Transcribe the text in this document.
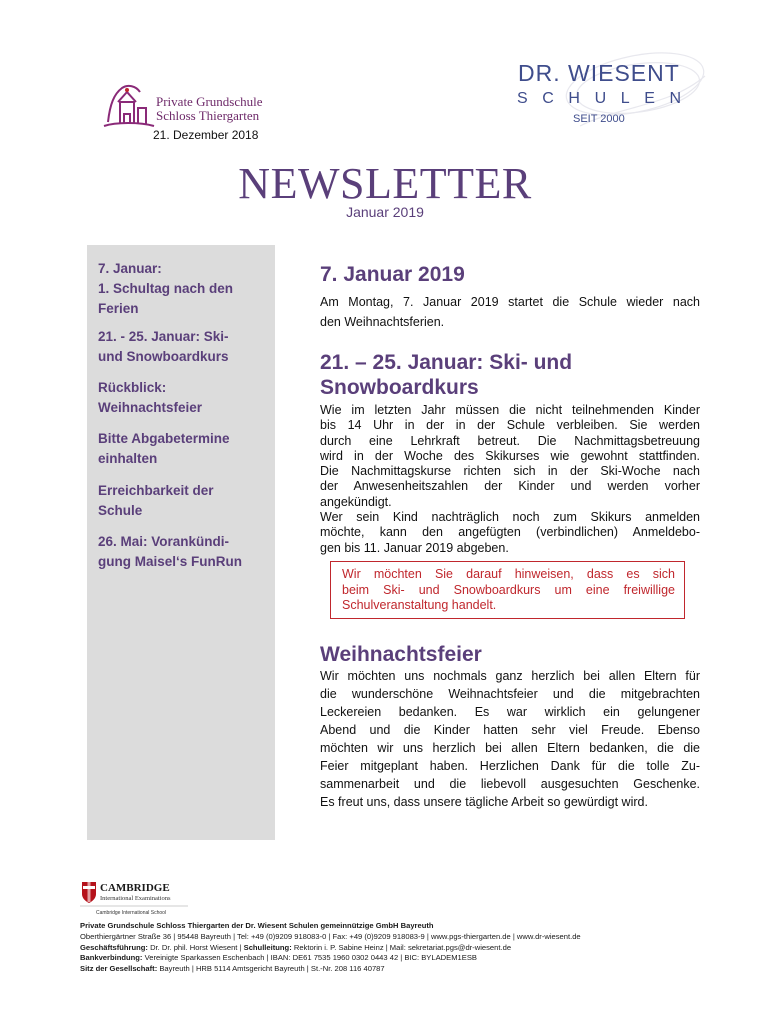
Private Grundschule
Schloss Thiergarten
21. Dezember 2018
DR. WIESENT
SCHULEN
SEIT 2000
NEWSLETTER
Januar 2019
7. Januar:
1. Schultag nach den
Ferien
21. - 25. Januar: Ski-
und Snowboardkurs
Rückblick:
Weihnachtsfeier
Bitte Abgabetermine
einhalten
Erreichbarkeit der
Schule
26. Mai: Vorankündi-
gung Maisel‘s FunRun
7. Januar 2019
Am Montag, 7. Januar 2019 startet die Schule wieder nach
den Weihnachtsferien.
21. – 25. Januar: Ski- und
Snowboardkurs
Wie im letzten Jahr müssen die nicht teilnehmenden Kinder
bis 14 Uhr in der in der Schule verbleiben. Sie werden
durch eine Lehrkraft betreut. Die Nachmittagsbetreuung
wird in der Woche des Skikurses wie gewohnt stattfinden.
Die Nachmittagskurse richten sich in der Ski-Woche nach
der Anwesenheitszahlen der Kinder und werden vorher
angekündigt.
Wer sein Kind nachträglich noch zum Skikurs anmelden
möchte, kann den angefügten (verbindlichen) Anmeldebo-
gen bis 11. Januar 2019 abgeben.
Wir möchten Sie darauf hinweisen, dass es sich
beim Ski- und Snowboardkurs um eine freiwillige
Schulveranstaltung handelt.
Weihnachtsfeier
Wir möchten uns nochmals ganz herzlich bei allen Eltern für
die wunderschöne Weihnachtsfeier und die mitgebrachten
Leckereien bedanken. Es war wirklich ein gelungener
Abend und die Kinder hatten sehr viel Freude. Ebenso
möchten wir uns herzlich bei allen Eltern bedanken, die die
Feier mitgeplant haben. Herzlichen Dank für die tolle Zu-
sammenarbeit und die liebevoll ausgesuchten Geschenke.
Es freut uns, dass unsere tägliche Arbeit so gewürdigt wird.
CAMBRIDGE
International Examinations
Cambridge International School
Private Grundschule Schloss Thiergarten der Dr. Wiesent Schulen gemeinnützige GmbH Bayreuth
Oberthiergärtner Straße 36 | 95448 Bayreuth | Tel: +49 (0)9209 918083-0 | Fax: +49 (0)9209 918083-9 | www.pgs-thiergarten.de | www.dr-wiesent.de
Geschäftsführung: Dr. Dr. phil. Horst Wiesent | Schulleitung: Rektorin i. P. Sabine Heinz | Mail: sekretariat.pgs@dr-wiesent.de
Bankverbindung: Vereinigte Sparkassen Eschenbach | IBAN: DE61 7535 1960 0302 0443 42 | BIC: BYLADEM1ESB
Sitz der Gesellschaft: Bayreuth | HRB 5114 Amtsgericht Bayreuth | St.-Nr. 208 116 40787
